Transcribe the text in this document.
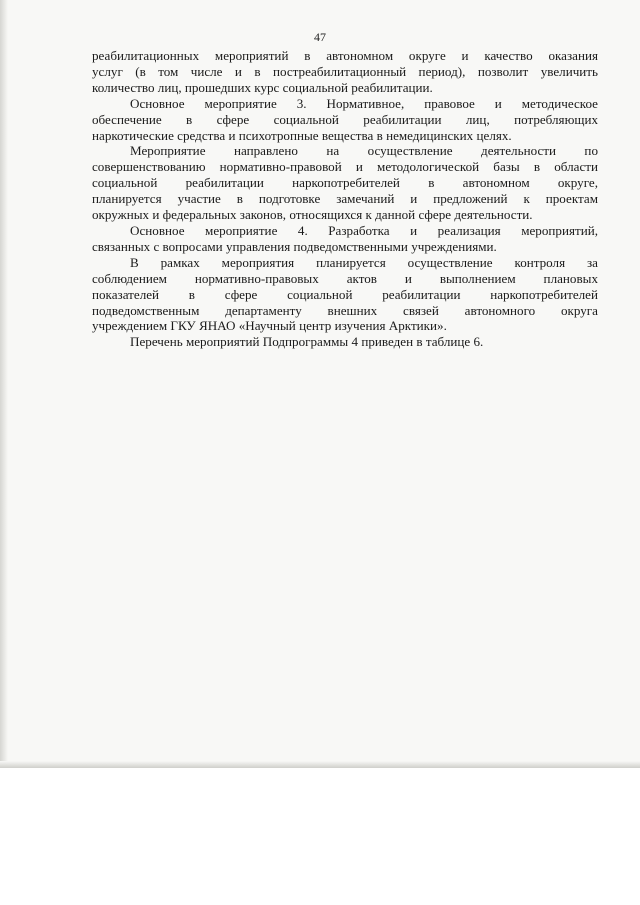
47

реабилитационных мероприятий в автономном округе и качество оказания
услуг (в том числе и в постреабилитационный период), позволит увеличить
количество лиц, прошедших курс социальной реабилитации.

Основное мероприятие 3. Нормативное, правовое и методическое
обеспечение в сфере социальной реабилитации лиц, потребляющих
наркотические средства и психотропные вещества в немедицинских целях.

Мероприятие направлено на осуществление деятельности по
совершенствованию нормативно-правовой и методологической базы в области
социальной реабилитации наркопотребителей в автономном округе,
планируется участие в подготовке замечаний и предложений к проектам
окружных и федеральных законов, относящихся к данной сфере деятельности.

Основное мероприятие 4. Разработка и реализация мероприятий,
связанных с вопросами управления подведомственными учреждениями.

В рамках мероприятия планируется осуществление контроля за
соблюдением нормативно-правовых актов и выполнением плановых
показателей в сфере социальной реабилитации наркопотребителей
подведомственным департаменту внешних связей автономного округа
учреждением ГКУ ЯНАО «Научный центр изучения Арктики».

Перечень мероприятий Подпрограммы 4 приведен в таблице 6.
